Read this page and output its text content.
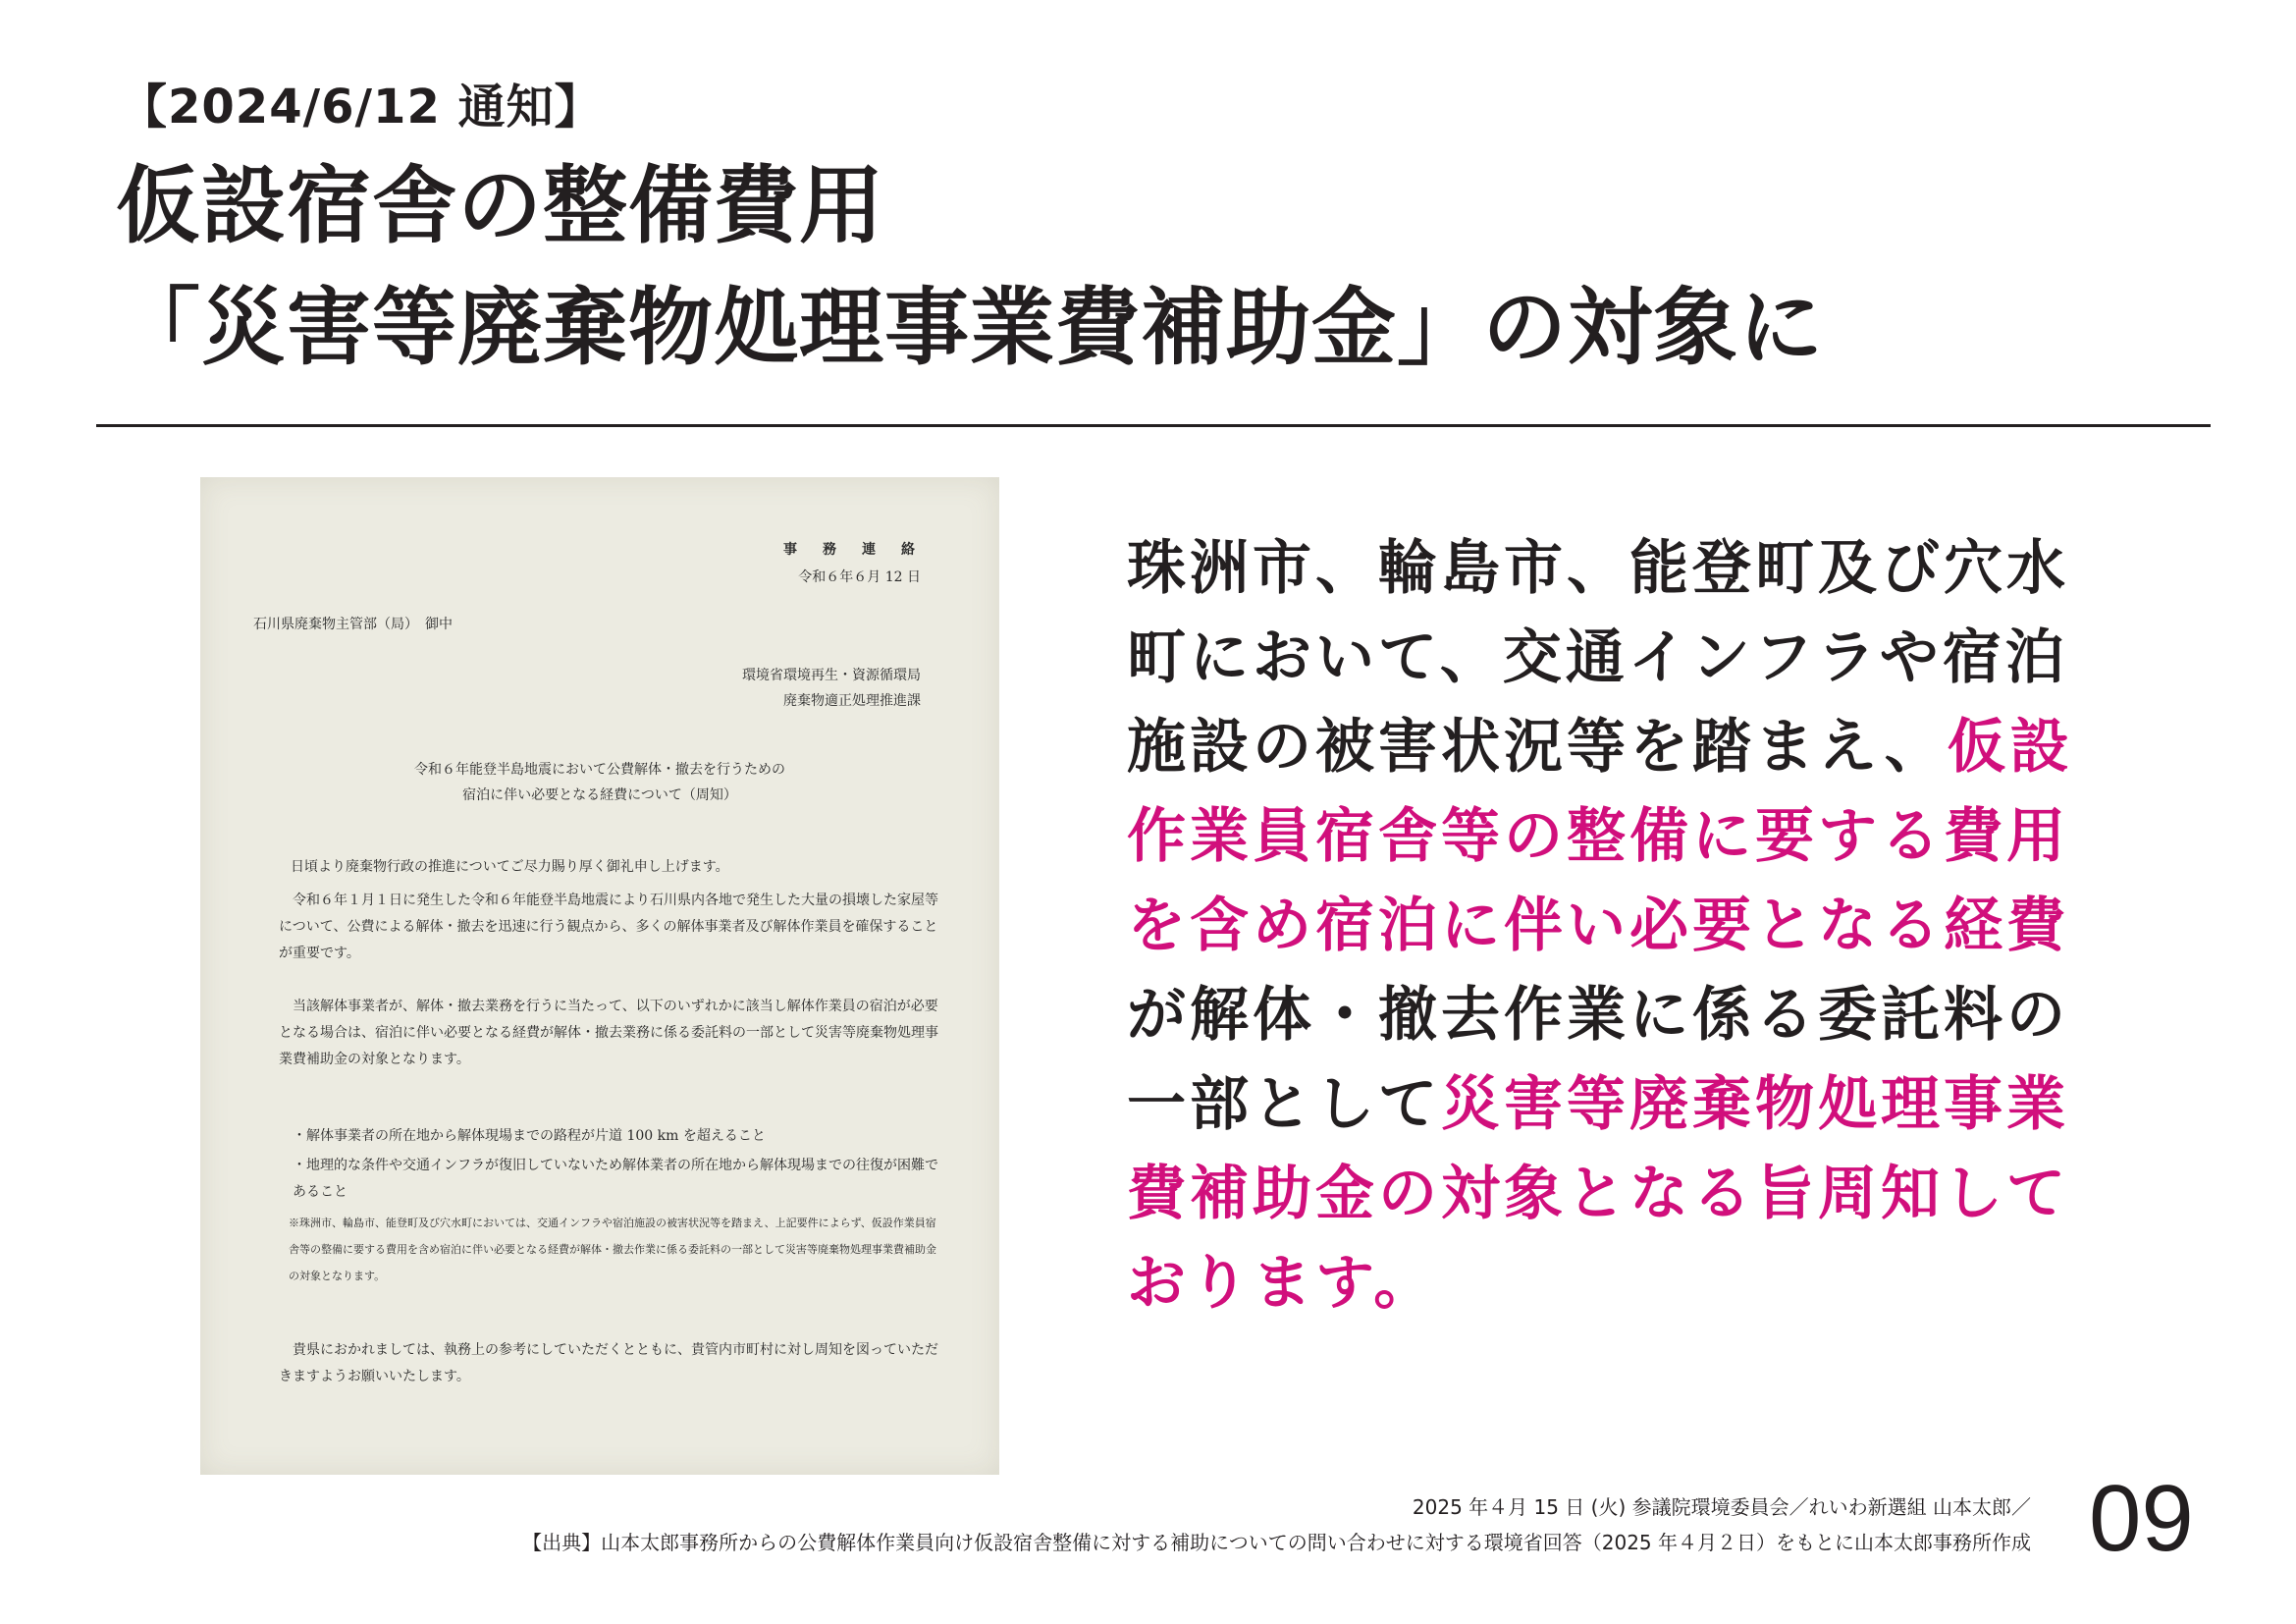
【2024/6/12 通知】
仮設宿舎の整備費用
「災害等廃棄物処理事業費補助金」の対象に
事　務　連　絡
令和６年６月 12 日
石川県廃棄物主管部（局）　御中
環境省環境再生・資源循環局
廃棄物適正処理推進課
令和６年能登半島地震において公費解体・撤去を行うための
宿泊に伴い必要となる経費について（周知）
日頃より廃棄物行政の推進についてご尽力賜り厚く御礼申し上げます。
令和６年１月１日に発生した令和６年能登半島地震により石川県内各地で発生した大量の損壊した家屋等について、公費による解体・撤去を迅速に行う観点から、多くの解体事業者及び解体作業員を確保することが重要です。
当該解体事業者が、解体・撤去業務を行うに当たって、以下のいずれかに該当し解体作業員の宿泊が必要となる場合は、宿泊に伴い必要となる経費が解体・撤去業務に係る委託料の一部として災害等廃棄物処理事業費補助金の対象となります。
・解体事業者の所在地から解体現場までの路程が片道 100 km を超えること
・地理的な条件や交通インフラが復旧していないため解体業者の所在地から解体現場までの往復が困難であること
※珠洲市、輪島市、能登町及び穴水町においては、交通インフラや宿泊施設の被害状況等を踏まえ、上記要件によらず、仮設作業員宿舎等の整備に要する費用を含め宿泊に伴い必要となる経費が解体・撤去作業に係る委託料の一部として災害等廃棄物処理事業費補助金の対象となります。
貴県におかれましては、執務上の参考にしていただくとともに、貴管内市町村に対し周知を図っていただきますようお願いいたします。
珠洲市、輪島市、能登町及び穴水町において、交通インフラや宿泊施設の被害状況等を踏まえ、仮設作業員宿舎等の整備に要する費用を含め宿泊に伴い必要となる経費が解体・撤去作業に係る委託料の一部として災害等廃棄物処理事業費補助金の対象となる旨周知しております。
2025 年４月 15 日 (火) 参議院環境委員会／れいわ新選組 山本太郎／
【出典】山本太郎事務所からの公費解体作業員向け仮設宿舎整備に対する補助についての問い合わせに対する環境省回答（2025 年４月２日）をもとに山本太郎事務所作成 09
